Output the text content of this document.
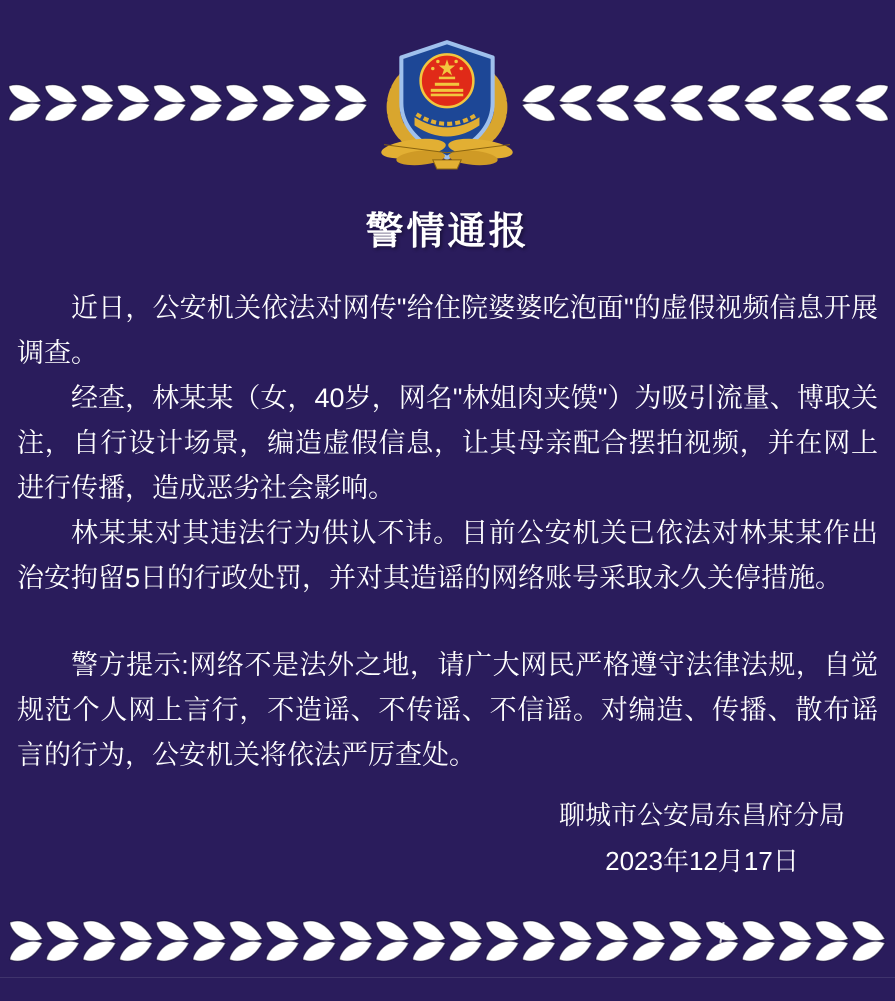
警情通报

近日，公安机关依法对网传"给住院婆婆吃泡面"的虚假视频信息开展调查。

经查，林某某（女，40岁，网名"林姐肉夹馍"）为吸引流量、博取关注，自行设计场景，编造虚假信息，让其母亲配合摆拍视频，并在网上进行传播，造成恶劣社会影响。

林某某对其违法行为供认不讳。目前公安机关已依法对林某某作出治安拘留5日的行政处罚，并对其造谣的网络账号采取永久关停措施。

警方提示:网络不是法外之地，请广大网民严格遵守法律法规，自觉规范个人网上言行，不造谣、不传谣、不信谣。对编造、传播、散布谣言的行为，公安机关将依法严厉查处。

聊城市公安局东昌府分局
2023年12月17日
